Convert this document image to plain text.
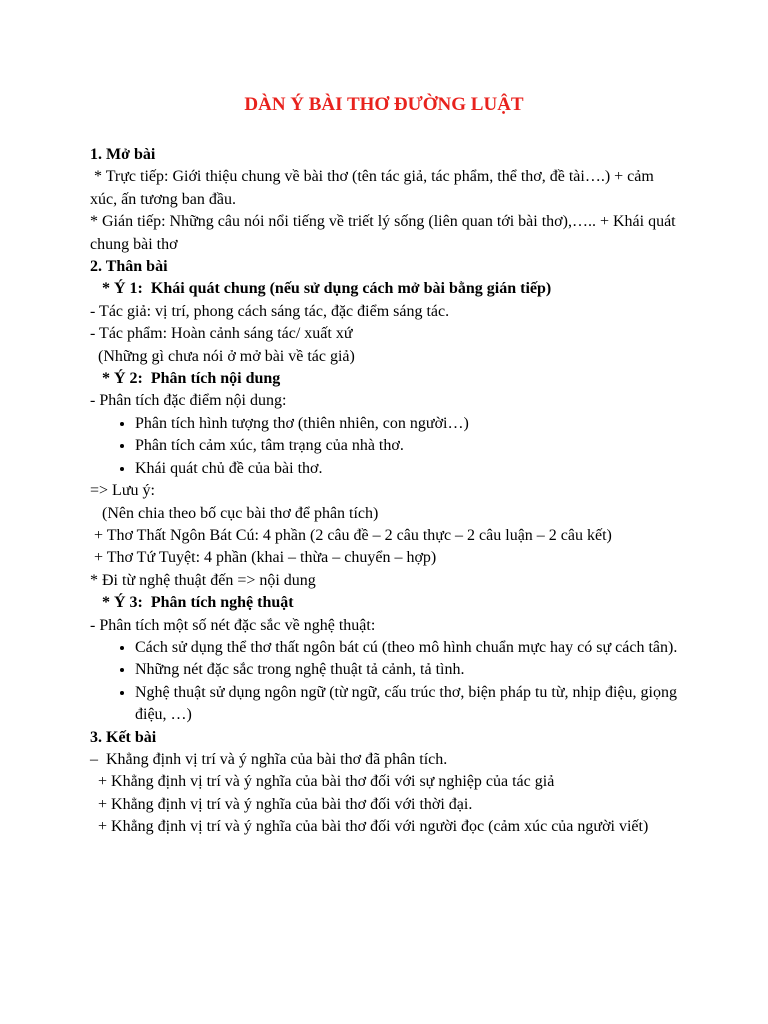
DÀN Ý BÀI THƠ ĐƯỜNG LUẬT

1. Mở bài

* Trực tiếp: Giới thiệu chung về bài thơ (tên tác giả, tác phẩm, thể thơ, đề tài….) + cảm xúc, ấn tương ban đầu.

* Gián tiếp: Những câu nói nổi tiếng về triết lý sống (liên quan tới bài thơ),….. + Khái quát chung bài thơ

2. Thân bài

* Ý 1:  Khái quát chung (nếu sử dụng cách mở bài bằng gián tiếp)

- Tác giả: vị trí, phong cách sáng tác, đặc điểm sáng tác.

- Tác phẩm: Hoàn cảnh sáng tác/ xuất xứ

(Những gì chưa nói ở mở bài về tác giả)

* Ý 2:  Phân tích nội dung

- Phân tích đặc điểm nội dung:

• Phân tích hình tượng thơ (thiên nhiên, con người…)
• Phân tích cảm xúc, tâm trạng của nhà thơ.
• Khái quát chủ đề của bài thơ.

=> Lưu ý:

(Nên chia theo bố cục bài thơ để phân tích)

+ Thơ Thất Ngôn Bát Cú: 4 phần (2 câu đề – 2 câu thực – 2 câu luận – 2 câu kết)

+ Thơ Tứ Tuyệt: 4 phần (khai – thừa – chuyển – hợp)

* Đi từ nghệ thuật đến => nội dung

* Ý 3:  Phân tích nghệ thuật

- Phân tích một số nét đặc sắc về nghệ thuật:

• Cách sử dụng thể thơ thất ngôn bát cú (theo mô hình chuẩn mực hay có sự cách tân).
• Những nét đặc sắc trong nghệ thuật tả cảnh, tả tình.
• Nghệ thuật sử dụng ngôn ngữ (từ ngữ, cấu trúc thơ, biện pháp tu từ, nhịp điệu, giọng điệu, …)

3. Kết bài

–  Khẳng định vị trí và ý nghĩa của bài thơ đã phân tích.

+ Khẳng định vị trí và ý nghĩa của bài thơ đối với sự nghiệp của tác giả

+ Khẳng định vị trí và ý nghĩa của bài thơ đối với thời đại.

+ Khẳng định vị trí và ý nghĩa của bài thơ đối với người đọc (cảm xúc của người viết)
